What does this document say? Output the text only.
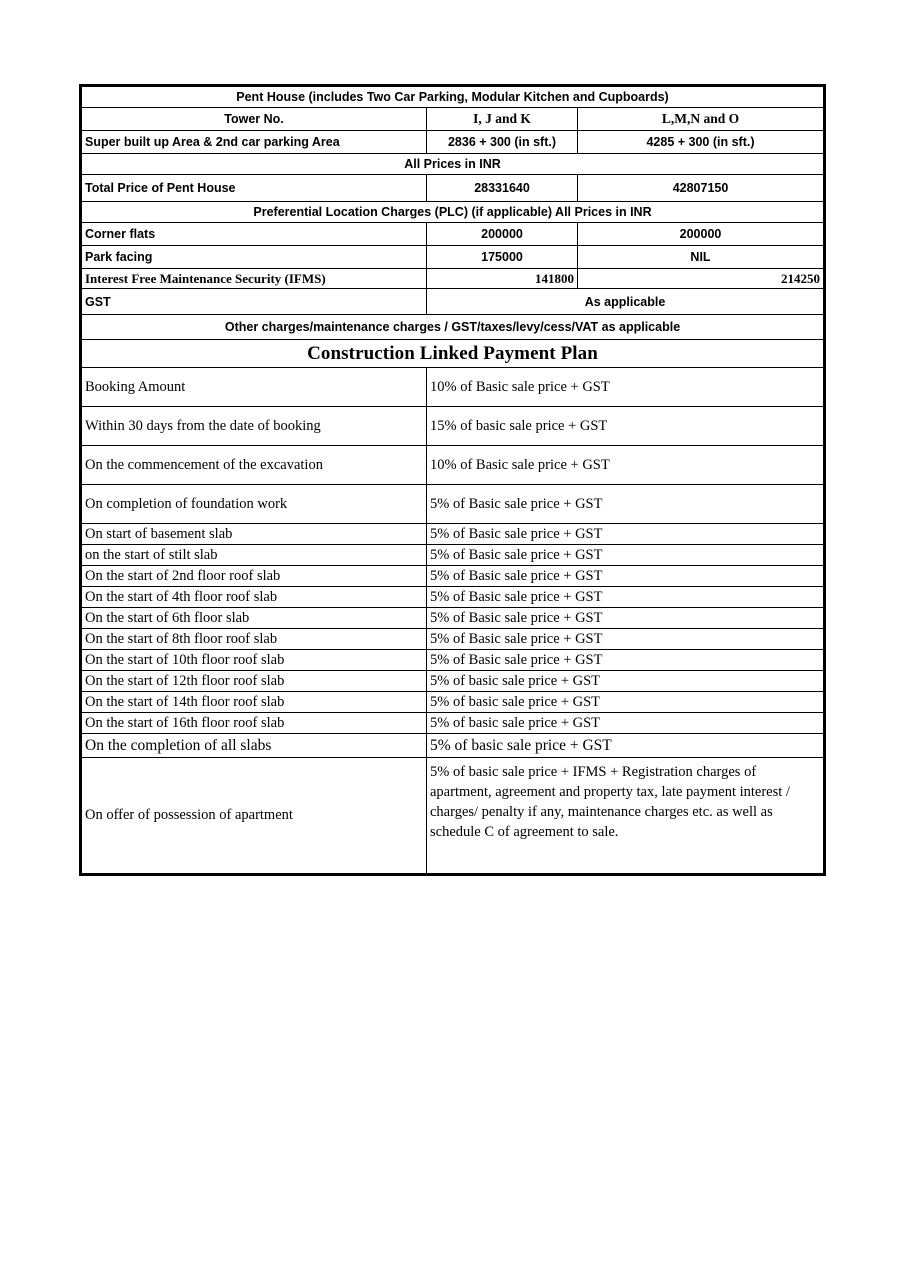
Pent House (includes Two Car Parking, Modular Kitchen and Cupboards)		
Tower No.	I, J and K	L,M,N and O
Super built up Area & 2nd car parking Area	2836 + 300 (in sft.)	4285 + 300 (in sft.)
All Prices in INR		
Total Price of Pent House	28331640	42807150
Preferential Location Charges (PLC) (if applicable) All Prices in INR		
Corner flats	200000	200000
Park facing	175000	NIL
Interest Free Maintenance Security (IFMS)	141800	214250
GST	As applicable	
Other charges/maintenance charges / GST/taxes/levy/cess/VAT as applicable		
Construction Linked Payment Plan		
Booking Amount	10% of Basic sale price + GST	
Within 30 days from the date of booking	15% of basic sale price + GST	
On the commencement of the excavation	10% of Basic sale price + GST	
On completion of foundation work	5% of Basic sale price + GST	
On start of basement slab	5% of Basic sale price + GST	
on the start of stilt slab	5% of Basic sale price + GST	
On the start of 2nd floor roof slab	5% of Basic sale price + GST	
On the start of 4th floor roof slab	5% of Basic sale price + GST	
On the start of 6th floor slab	5% of Basic sale price + GST	
On the start of 8th floor roof slab	5% of Basic sale price + GST	
On the start of 10th floor roof slab	5% of Basic sale price + GST	
On the start of 12th floor roof slab	5% of basic sale price + GST	
On the start of 14th floor roof slab	5% of basic sale price + GST	
On the start of 16th floor roof slab	5% of basic sale price + GST	
On the completion of all slabs	5% of basic sale price + GST	
On offer of possession of apartment	5% of basic sale price + IFMS + Registration charges of apartment, agreement and property tax, late payment interest / charges/ penalty if any, maintenance charges etc. as well as schedule C of agreement to sale.	
